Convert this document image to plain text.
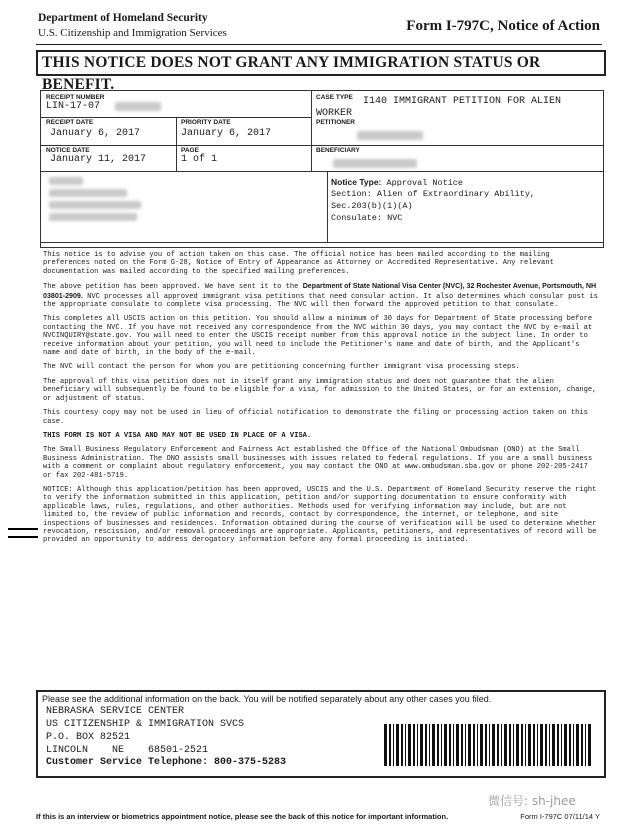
Department of Homeland Security
U.S. Citizenship and Immigration Services	Form I-797C, Notice of Action
THIS NOTICE DOES NOT GRANT ANY IMMIGRATION STATUS OR BENEFIT.
RECEIPT NUMBER
LIN-17-07
CASE TYPE I140 IMMIGRANT PETITION FOR ALIEN
WORKER
RECEIPT DATE
January 6, 2017
PRIORITY DATE
January 6, 2017
PETITIONER
NOTICE DATE
January 11, 2017
PAGE
1 of 1
BENEFICIARY
Notice Type: Approval Notice
Section: Alien of Extraordinary Ability,
Sec.203(b)(1)(A)
Consulate: NVC

This notice is to advise you of action taken on this case. The official notice has been mailed according to the mailing preferences noted on the Form G-28, Notice of Entry of Appearance as Attorney or Accredited Representative. Any relevant documentation was mailed according to the specified mailing preferences.

The above petition has been approved. We have sent it to the Department of State National Visa Center (NVC), 32 Rochester Avenue, Portsmouth, NH 03801-2909. NVC processes all approved immigrant visa petitions that need consular action. It also determines which consular post is the appropriate consulate to complete visa processing. The NVC will then forward the approved petition to that consulate.

This completes all USCIS action on this petition. You should allow a minimum of 30 days for Department of State processing before contacting the NVC. If you have not received any correspondence from the NVC within 30 days, you may contact the NVC by e-mail at NVCINQUIRY@state.gov. You will need to enter the USCIS receipt number from this approval notice in the subject line. In order to receive information about your petition, you will need to include the Petitioner's name and date of birth, and the Applicant's name and date of birth, in the body of the e-mail.

The NVC will contact the person for whom you are petitioning concerning further immigrant visa processing steps.

The approval of this visa petition does not in itself grant any immigration status and does not guarantee that the alien beneficiary will subsequently be found to be eligible for a visa, for admission to the United States, or for an extension, change, or adjustment of status.

This courtesy copy may not be used in lieu of official notification to demonstrate the filing or processing action taken on this case.

THIS FORM IS NOT A VISA AND MAY NOT BE USED IN PLACE OF A VISA.

The Small Business Regulatory Enforcement and Fairness Act established the Office of the National Ombudsman (ONO) at the Small Business Administration. The ONO assists small businesses with issues related to federal regulations. If you are a small business with a comment or complaint about regulatory enforcement, you may contact the ONO at www.ombudsman.sba.gov or phone 202-205-2417 or fax 202-481-5719.

NOTICE: Although this application/petition has been approved, USCIS and the U.S. Department of Homeland Security reserve the right to verify the information submitted in this application, petition and/or supporting documentation to ensure conformity with applicable laws, rules, regulations, and other authorities. Methods used for verifying information may include, but are not limited to, the review of public information and records, contact by correspondence, the internet, or telephone, and site inspections of businesses and residences. Information obtained during the course of verification will be used to determine whether revocation, rescission, and/or removal proceedings are appropriate. Applicants, petitioners, and representatives of record will be provided an opportunity to address derogatory information before any formal proceeding is initiated.

Please see the additional information on the back. You will be notified separately about any other cases you filed.
NEBRASKA SERVICE CENTER
US CITIZENSHIP & IMMIGRATION SVCS
P.O. BOX 82521
LINCOLN    NE    68501-2521
Customer Service Telephone: 800-375-5283
If this is an interview or biometrics appointment notice, please see the back of this notice for important information.	Form I-797C 07/11/14 Y
微信号: sh-jhee
